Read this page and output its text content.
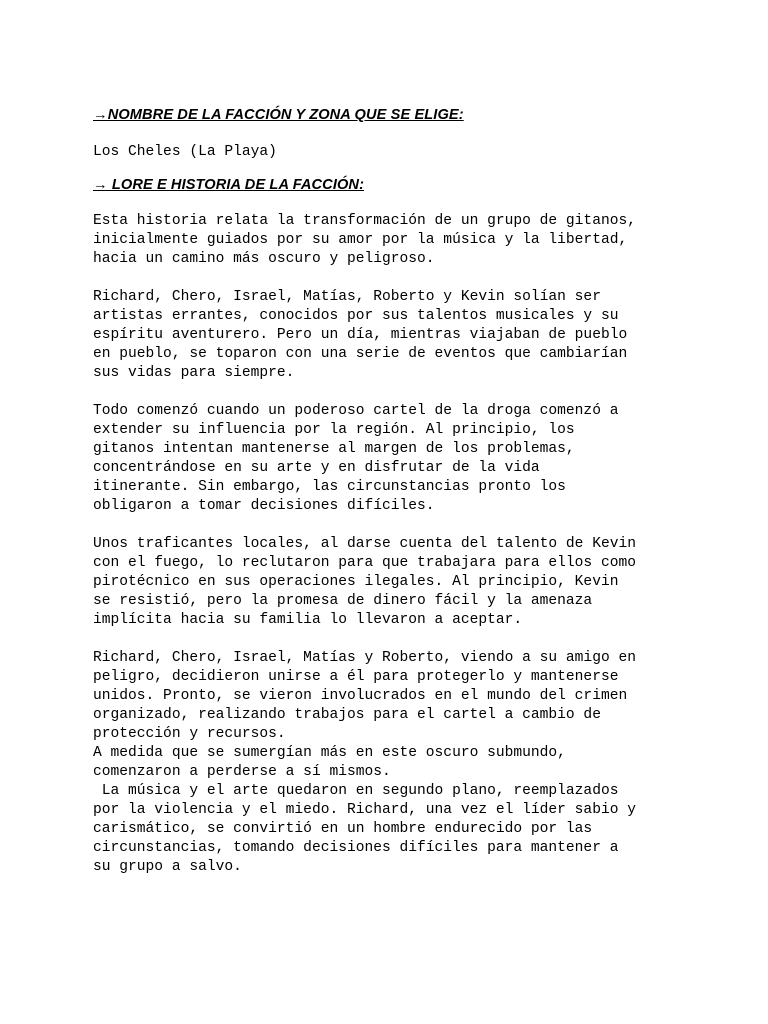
→NOMBRE DE LA FACCIÓN Y ZONA QUE SE ELIGE:

Los Cheles (La Playa)

→ LORE E HISTORIA DE LA FACCIÓN:

Esta historia relata la transformación de un grupo de gitanos,
inicialmente guiados por su amor por la música y la libertad,
hacia un camino más oscuro y peligroso.

Richard, Chero, Israel, Matías, Roberto y Kevin solían ser
artistas errantes, conocidos por sus talentos musicales y su
espíritu aventurero. Pero un día, mientras viajaban de pueblo
en pueblo, se toparon con una serie de eventos que cambiarían
sus vidas para siempre.

Todo comenzó cuando un poderoso cartel de la droga comenzó a
extender su influencia por la región. Al principio, los
gitanos intentan mantenerse al margen de los problemas,
concentrándose en su arte y en disfrutar de la vida
itinerante. Sin embargo, las circunstancias pronto los
obligaron a tomar decisiones difíciles.

Unos traficantes locales, al darse cuenta del talento de Kevin
con el fuego, lo reclutaron para que trabajara para ellos como
pirotécnico en sus operaciones ilegales. Al principio, Kevin
se resistió, pero la promesa de dinero fácil y la amenaza
implícita hacia su familia lo llevaron a aceptar.

Richard, Chero, Israel, Matías y Roberto, viendo a su amigo en
peligro, decidieron unirse a él para protegerlo y mantenerse
unidos. Pronto, se vieron involucrados en el mundo del crimen
organizado, realizando trabajos para el cartel a cambio de
protección y recursos.
A medida que se sumergían más en este oscuro submundo,
comenzaron a perderse a sí mismos.
La música y el arte quedaron en segundo plano, reemplazados
por la violencia y el miedo. Richard, una vez el líder sabio y
carismático, se convirtió en un hombre endurecido por las
circunstancias, tomando decisiones difíciles para mantener a
su grupo a salvo.
